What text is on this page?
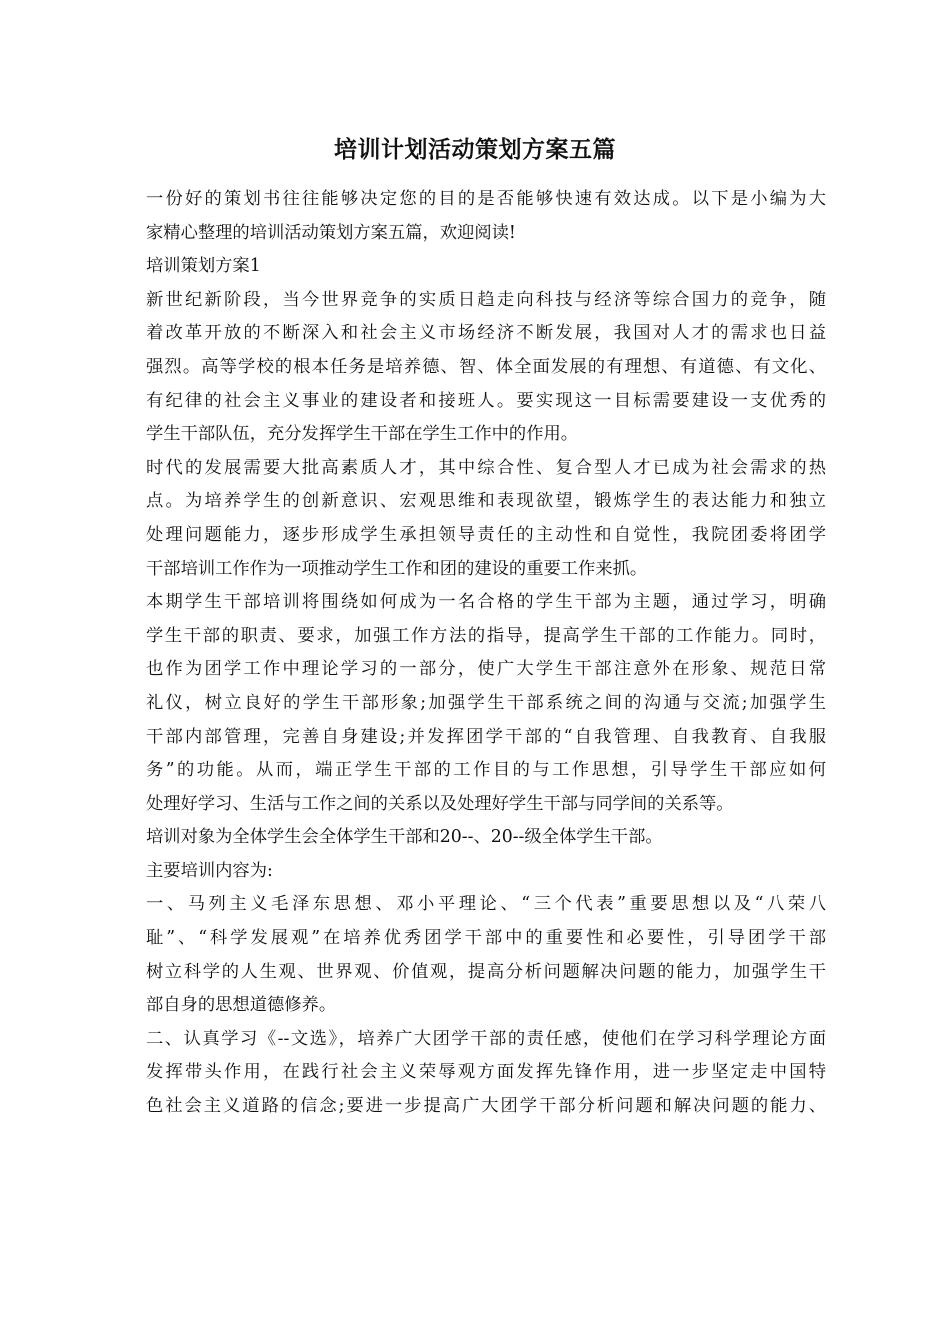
培训计划活动策划方案五篇
一份好的策划书往往能够决定您的目的是否能够快速有效达成。以下是小编为大
家精心整理的培训活动策划方案五篇，欢迎阅读!
培训策划方案1
新世纪新阶段，当今世界竞争的实质日趋走向科技与经济等综合国力的竞争，随
着改革开放的不断深入和社会主义市场经济不断发展，我国对人才的需求也日益
强烈。高等学校的根本任务是培养德、智、体全面发展的有理想、有道德、有文化、
有纪律的社会主义事业的建设者和接班人。要实现这一目标需要建设一支优秀的
学生干部队伍，充分发挥学生干部在学生工作中的作用。
时代的发展需要大批高素质人才，其中综合性、复合型人才已成为社会需求的热
点。为培养学生的创新意识、宏观思维和表现欲望，锻炼学生的表达能力和独立
处理问题能力，逐步形成学生承担领导责任的主动性和自觉性，我院团委将团学
干部培训工作作为一项推动学生工作和团的建设的重要工作来抓。
本期学生干部培训将围绕如何成为一名合格的学生干部为主题，通过学习，明确
学生干部的职责、要求，加强工作方法的指导，提高学生干部的工作能力。同时，
也作为团学工作中理论学习的一部分，使广大学生干部注意外在形象、规范日常
礼仪，树立良好的学生干部形象;加强学生干部系统之间的沟通与交流;加强学生
干部内部管理，完善自身建设;并发挥团学干部的“自我管理、自我教育、自我服
务”的功能。从而，端正学生干部的工作目的与工作思想，引导学生干部应如何
处理好学习、生活与工作之间的关系以及处理好学生干部与同学间的关系等。
培训对象为全体学生会全体学生干部和20--、20--级全体学生干部。
主要培训内容为:
一、马列主义毛泽东思想、邓小平理论、“三个代表”重要思想以及“八荣八
耻”、“科学发展观”在培养优秀团学干部中的重要性和必要性，引导团学干部
树立科学的人生观、世界观、价值观，提高分析问题解决问题的能力，加强学生干
部自身的思想道德修养。
二、认真学习《--文选》，培养广大团学干部的责任感，使他们在学习科学理论方面
发挥带头作用，在践行社会主义荣辱观方面发挥先锋作用，进一步坚定走中国特
色社会主义道路的信念;要进一步提高广大团学干部分析问题和解决问题的能力、
